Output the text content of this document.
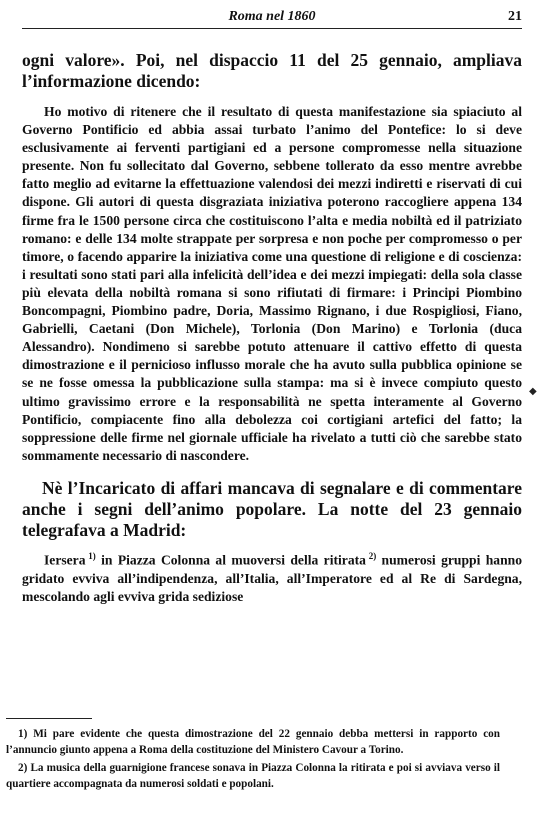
Roma nel 1860	21

ogni valore». Poi, nel dispaccio 11 del 25 gennaio, ampliava l’informazione dicendo:

Ho motivo di ritenere che il resultato di questa manifestazione sia spiaciuto al Governo Pontificio ed abbia assai turbato l’animo del Pontefice: lo si deve esclusivamente ai ferventi partigiani ed a persone compromesse nella situazione presente. Non fu sollecitato dal Governo, sebbene tollerato da esso mentre avrebbe fatto meglio ad evitarne la effettuazione valendosi dei mezzi indiretti e riservati di cui dispone. Gli autori di questa disgraziata iniziativa poterono raccogliere appena 134 firme fra le 1500 persone circa che costituiscono l’alta e media nobiltà ed il patriziato romano: e delle 134 molte strappate per sorpresa e non poche per compromesso o per timore, o facendo apparire la iniziativa come una questione di religione e di coscienza: i resultati sono stati pari alla infelicità dell’idea e dei mezzi impiegati: della sola classe più elevata della nobiltà romana si sono rifiutati di firmare: i Principi Piombino Boncompagni, Piombino padre, Doria, Massimo Rignano, i due Rospigliosi, Fiano, Gabrielli, Caetani (Don Michele), Torlonia (Don Marino) e Torlonia (duca Alessandro). Nondimeno si sarebbe potuto attenuare il cattivo effetto di questa dimostrazione e il pernicioso influsso morale che ha avuto sulla pubblica opinione se se ne fosse omessa la pubblicazione sulla stampa: ma si è invece compiuto questo ultimo gravissimo errore e la responsabilità ne spetta interamente al Governo Pontificio, compiacente fino alla debolezza coi cortigiani artefici del fatto; la soppressione delle firme nel giornale ufficiale ha rivelato a tutti ciò che sarebbe stato sommamente necessario di nascondere.

Nè l’Incaricato di affari mancava di segnalare e di commentare anche i segni dell’animo popolare. La notte del 23 gennaio telegrafava a Madrid:

Iersera  $^{1)}$ in Piazza Colonna al muoversi della ritirata  $^{2)}$ numerosi gruppi hanno gridato evviva all’indipendenza, all’Italia, all’Imperatore ed al Re di Sardegna, mescolando agli evviva grida sediziose

1) Mi pare evidente che questa dimostrazione del 22 gennaio debba mettersi in rapporto con l’annuncio giunto appena a Roma della costituzione del Ministero Cavour a Torino.

2) La musica della guarnigione francese sonava in Piazza Colonna la ritirata e poi si avviava verso il quartiere accompagnata da numerosi soldati e popolani.

◆
